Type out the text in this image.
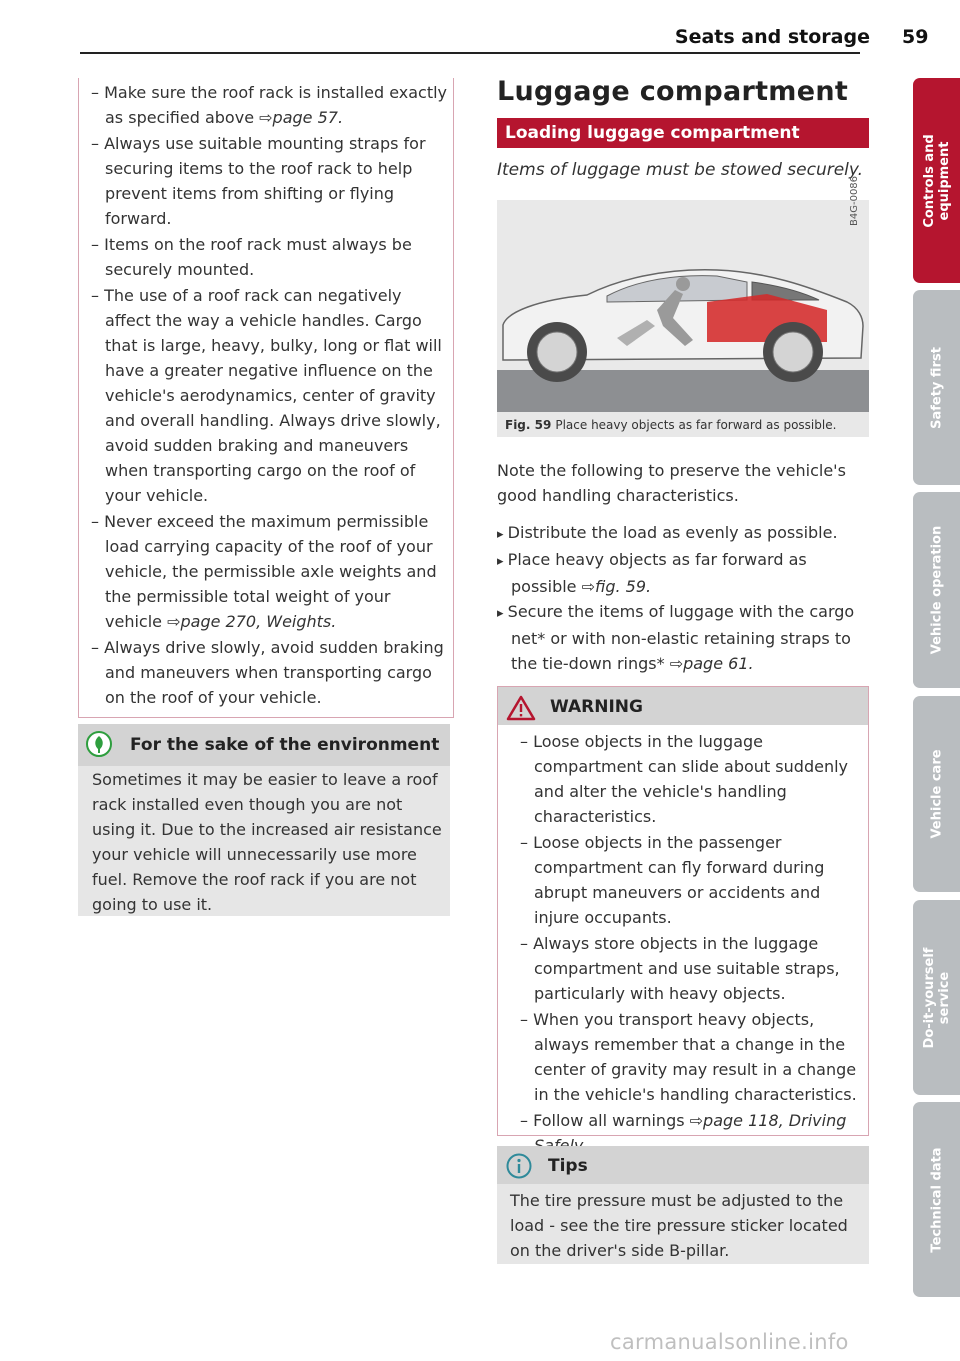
Seats and storage 59
– Make sure the roof rack is installed exactly as specified above ⇨page 57.
– Always use suitable mounting straps for securing items to the roof rack to help prevent items from shifting or flying forward.
– Items on the roof rack must always be securely mounted.
– The use of a roof rack can negatively affect the way a vehicle handles. Cargo that is large, heavy, bulky, long or flat will have a greater negative influence on the vehicle's aerodynamics, center of gravity and overall handling. Always drive slowly, avoid sudden braking and maneuvers when transporting cargo on the roof of your vehicle.
– Never exceed the maximum permissible load carrying capacity of the roof of your vehicle, the permissible axle weights and the permissible total weight of your vehicle ⇨page 270, Weights.
– Always drive slowly, avoid sudden braking and maneuvers when transporting cargo on the roof of your vehicle.
For the sake of the environment
Sometimes it may be easier to leave a roof rack installed even though you are not using it. Due to the increased air resistance your vehicle will unnecessarily use more fuel. Remove the roof rack if you are not going to use it.
Luggage compartment
Loading luggage compartment
Items of luggage must be stowed securely.
B4G-0086
Fig. 59 Place heavy objects as far forward as possible.
Note the following to preserve the vehicle's good handling characteristics.
▸ Distribute the load as evenly as possible.
▸ Place heavy objects as far forward as possible ⇨fig. 59.
▸ Secure the items of luggage with the cargo net* or with non-elastic retaining straps to the tie-down rings* ⇨page 61.
WARNING
– Loose objects in the luggage compartment can slide about suddenly and alter the vehicle's handling characteristics.
– Loose objects in the passenger compartment can fly forward during abrupt maneuvers or accidents and injure occupants.
– Always store objects in the luggage compartment and use suitable straps, particularly with heavy objects.
– When you transport heavy objects, always remember that a change in the center of gravity may result in a change in the vehicle's handling characteristics.
– Follow all warnings ⇨page 118, Driving
Tips
The tire pressure must be adjusted to the load - see the tire pressure sticker located on the driver's side B-pillar.
Controls and equipment
Safety first
Vehicle operation
Vehicle care
Do-it-yourself service
Technical data
carmanualsonline.info
